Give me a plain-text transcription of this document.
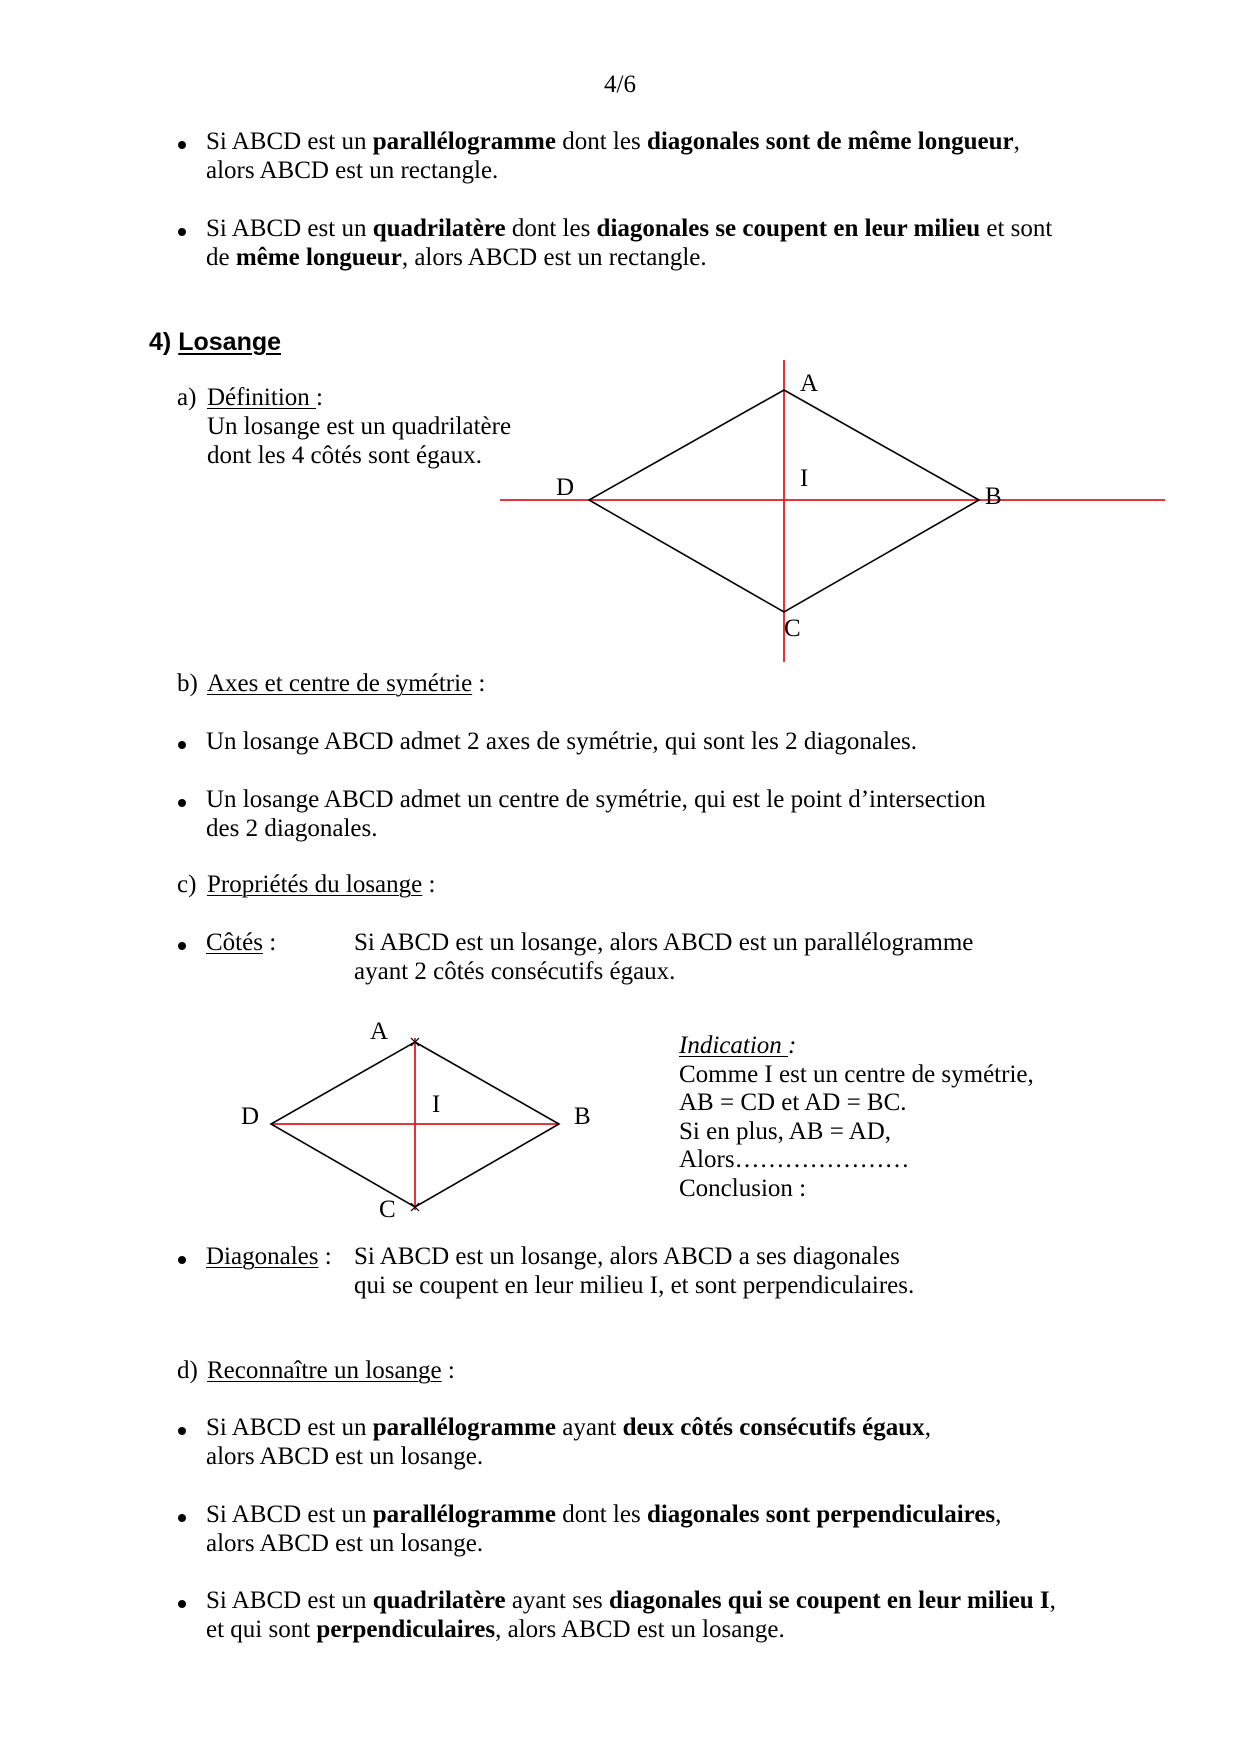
4/6
Si ABCD est un parallélogramme dont les diagonales sont de même longueur,
alors ABCD est un rectangle.
Si ABCD est un quadrilatère dont les diagonales se coupent en leur milieu et sont
de même longueur, alors ABCD est un rectangle.
4) Losange
a) Définition :
Un losange est un quadrilatère
dont les 4 côtés sont égaux.
A
B
C
D	I
b) Axes et centre de symétrie :
Un losange ABCD admet 2 axes de symétrie, qui sont les 2 diagonales.
Un losange ABCD admet un centre de symétrie, qui est le point d’intersection
des 2 diagonales.
c) Propriétés du losange :
Côtés :	Si ABCD est un losange, alors ABCD est un parallélogramme
ayant 2 côtés consécutifs égaux.
A
D	I	B
C
Indication :
Comme I est un centre de symétrie,
AB = CD et AD = BC.
Si en plus, AB = AD,
Alors…………………
Conclusion :
Diagonales : Si ABCD est un losange, alors ABCD a ses diagonales
qui se coupent en leur milieu I, et sont perpendiculaires.
d) Reconnaître un losange :
Si ABCD est un parallélogramme ayant deux côtés consécutifs égaux,
alors ABCD est un losange.
Si ABCD est un parallélogramme dont les diagonales sont perpendiculaires,
alors ABCD est un losange.
Si ABCD est un quadrilatère ayant ses diagonales qui se coupent en leur milieu I,
et qui sont perpendiculaires, alors ABCD est un losange.
